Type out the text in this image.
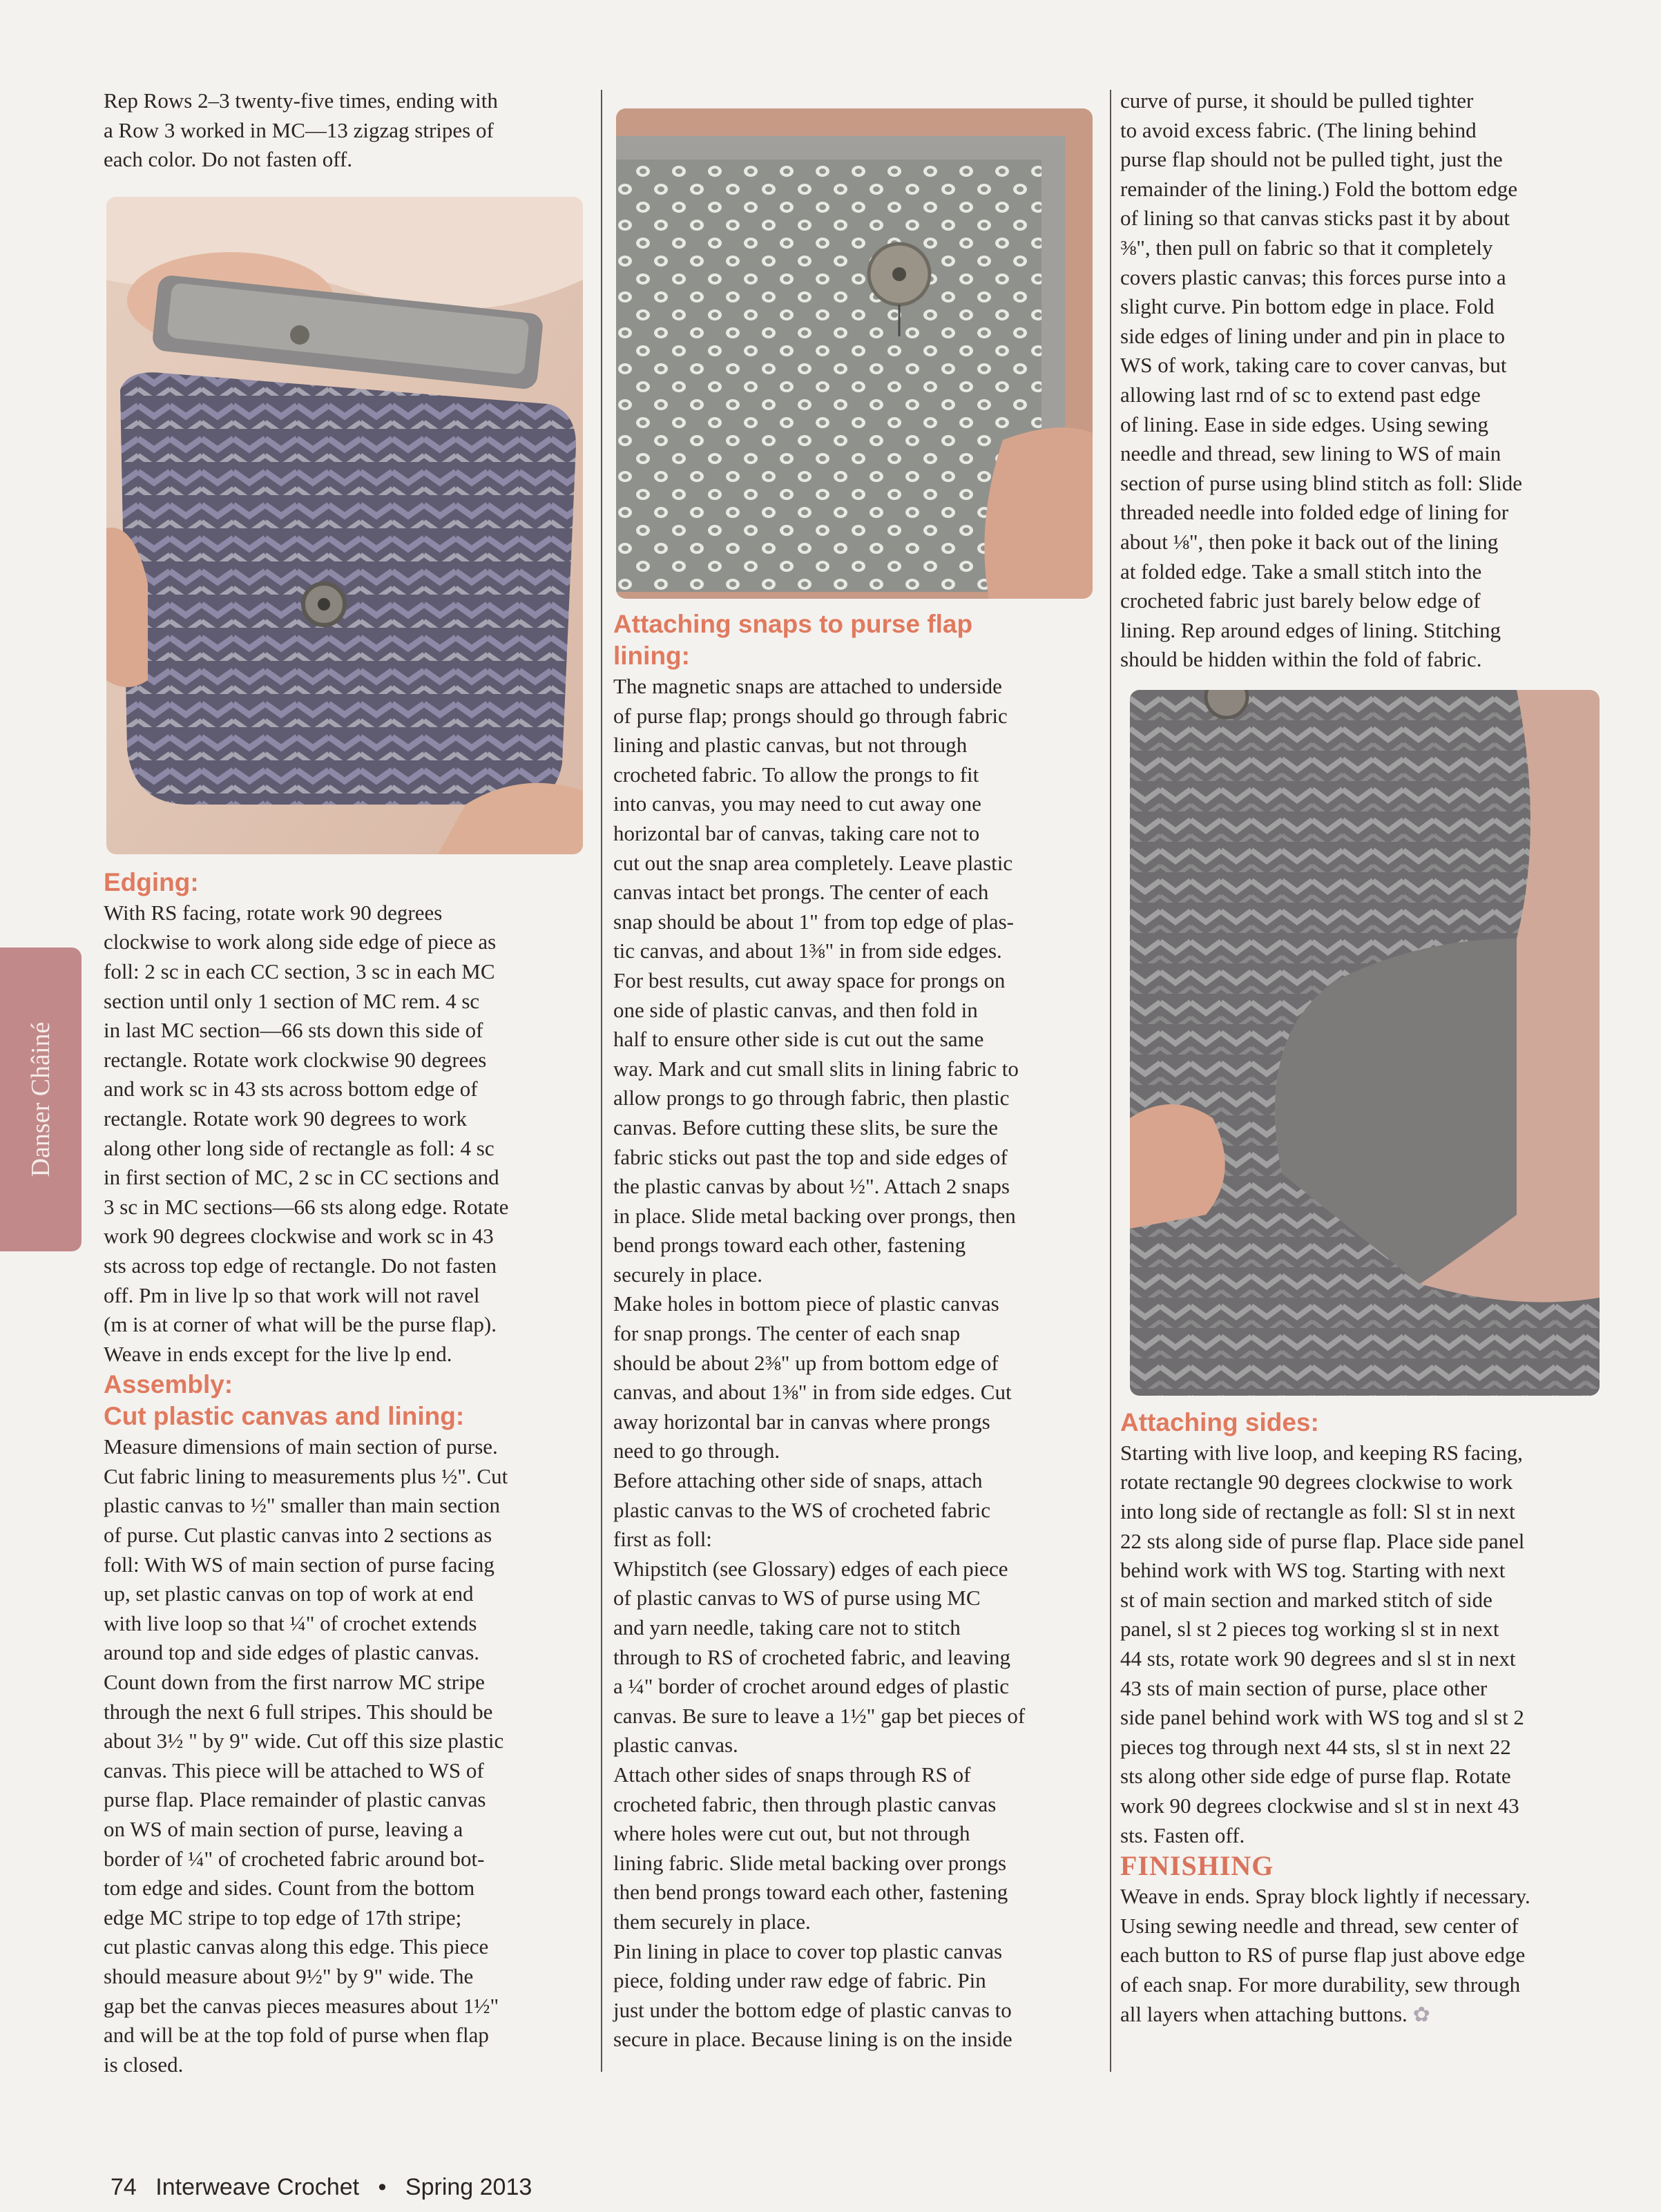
Danser Châiné

Rep Rows 2–3 twenty-five times, ending with
a Row 3 worked in MC—13 zigzag stripes of
each color. Do not fasten off.

Edging:

With RS facing, rotate work 90 degrees
clockwise to work along side edge of piece as
foll: 2 sc in each CC section, 3 sc in each MC
section until only 1 section of MC rem. 4 sc
in last MC section—66 sts down this side of
rectangle. Rotate work clockwise 90 degrees
and work sc in 43 sts across bottom edge of
rectangle. Rotate work 90 degrees to work
along other long side of rectangle as foll: 4 sc
in first section of MC, 2 sc in CC sections and
3 sc in MC sections—66 sts along edge. Rotate
work 90 degrees clockwise and work sc in 43
sts across top edge of rectangle. Do not fasten
off. Pm in live lp so that work will not ravel
(m is at corner of what will be the purse flap).
Weave in ends except for the live lp end.

Assembly:
Cut plastic canvas and lining:

Measure dimensions of main section of purse.
Cut fabric lining to measurements plus ½". Cut
plastic canvas to ½" smaller than main section
of purse. Cut plastic canvas into 2 sections as
foll: With WS of main section of purse facing
up, set plastic canvas on top of work at end
with live loop so that ¼" of crochet extends
around top and side edges of plastic canvas.
Count down from the first narrow MC stripe
through the next 6 full stripes. This should be
about 3½ " by 9" wide. Cut off this size plastic
canvas. This piece will be attached to WS of
purse flap. Place remainder of plastic canvas
on WS of main section of purse, leaving a
border of ¼" of crocheted fabric around bot-
tom edge and sides. Count from the bottom
edge MC stripe to top edge of 17th stripe;
cut plastic canvas along this edge. This piece
should measure about 9½" by 9" wide. The
gap bet the canvas pieces measures about 1½"
and will be at the top fold of purse when flap
is closed.

Attaching snaps to purse flap
lining:

The magnetic snaps are attached to underside
of purse flap; prongs should go through fabric
lining and plastic canvas, but not through
crocheted fabric. To allow the prongs to fit
into canvas, you may need to cut away one
horizontal bar of canvas, taking care not to
cut out the snap area completely. Leave plastic
canvas intact bet prongs. The center of each
snap should be about 1" from top edge of plas-
tic canvas, and about 1⅜" in from side edges.
For best results, cut away space for prongs on
one side of plastic canvas, and then fold in
half to ensure other side is cut out the same
way. Mark and cut small slits in lining fabric to
allow prongs to go through fabric, then plastic
canvas. Before cutting these slits, be sure the
fabric sticks out past the top and side edges of
the plastic canvas by about ½". Attach 2 snaps
in place. Slide metal backing over prongs, then
bend prongs toward each other, fastening
securely in place.
Make holes in bottom piece of plastic canvas
for snap prongs. The center of each snap
should be about 2⅜" up from bottom edge of
canvas, and about 1⅜" in from side edges. Cut
away horizontal bar in canvas where prongs
need to go through.
Before attaching other side of snaps, attach
plastic canvas to the WS of crocheted fabric
first as foll:
Whipstitch (see Glossary) edges of each piece
of plastic canvas to WS of purse using MC
and yarn needle, taking care not to stitch
through to RS of crocheted fabric, and leaving
a ¼" border of crochet around edges of plastic
canvas. Be sure to leave a 1½" gap bet pieces of
plastic canvas.
Attach other sides of snaps through RS of
crocheted fabric, then through plastic canvas
where holes were cut out, but not through
lining fabric. Slide metal backing over prongs
then bend prongs toward each other, fastening
them securely in place.
Pin lining in place to cover top plastic canvas
piece, folding under raw edge of fabric. Pin
just under the bottom edge of plastic canvas to
secure in place. Because lining is on the inside

curve of purse, it should be pulled tighter
to avoid excess fabric. (The lining behind
purse flap should not be pulled tight, just the
remainder of the lining.) Fold the bottom edge
of lining so that canvas sticks past it by about
⅜", then pull on fabric so that it completely
covers plastic canvas; this forces purse into a
slight curve. Pin bottom edge in place. Fold
side edges of lining under and pin in place to
WS of work, taking care to cover canvas, but
allowing last rnd of sc to extend past edge
of lining. Ease in side edges. Using sewing
needle and thread, sew lining to WS of main
section of purse using blind stitch as foll: Slide
threaded needle into folded edge of lining for
about ⅛", then poke it back out of the lining
at folded edge. Take a small stitch into the
crocheted fabric just barely below edge of
lining. Rep around edges of lining. Stitching
should be hidden within the fold of fabric.

Attaching sides:

Starting with live loop, and keeping RS facing,
rotate rectangle 90 degrees clockwise to work
into long side of rectangle as foll: Sl st in next
22 sts along side of purse flap. Place side panel
behind work with WS tog. Starting with next
st of main section and marked stitch of side
panel, sl st 2 pieces tog working sl st in next
44 sts, rotate work 90 degrees and sl st in next
43 sts of main section of purse, place other
side panel behind work with WS tog and sl st 2
pieces tog through next 44 sts, sl st in next 22
sts along other side edge of purse flap. Rotate
work 90 degrees clockwise and sl st in next 43
sts. Fasten off.

FINISHING

Weave in ends. Spray block lightly if necessary.
Using sewing needle and thread, sew center of
each button to RS of purse flap just above edge
of each snap. For more durability, sew through
all layers when attaching buttons. ✿

74 Interweave Crochet • Spring 2013
